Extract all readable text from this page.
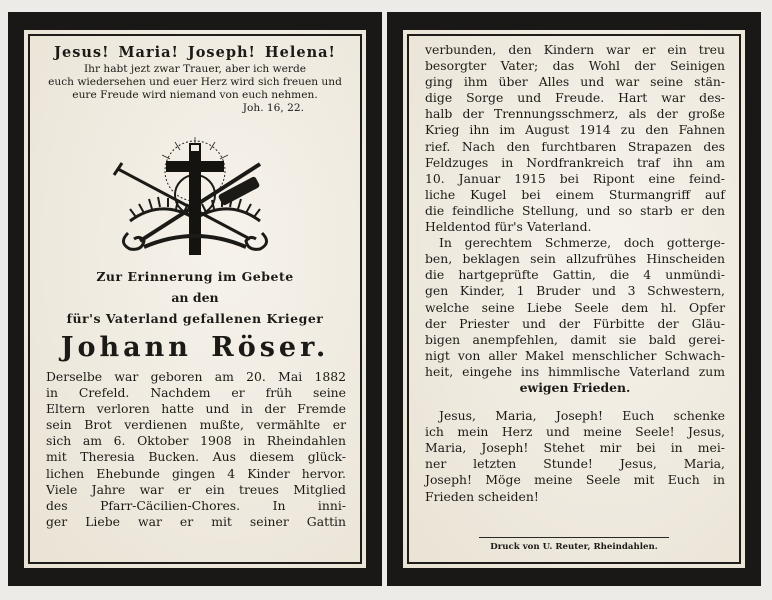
Jesus! Maria! Joseph! Helena!
Ihr habt jezt zwar Trauer, aber ich werde
euch wiedersehen und euer Herz wird sich freuen und
eure Freude wird niemand von euch nehmen.
Joh. 16, 22.
Zur Erinnerung im Gebete
an den
für's Vaterland gefallenen Krieger
Johann Röser.
Derselbe war geboren am 20. Mai 1882
in Crefeld. Nachdem er früh seine
Eltern verloren hatte und in der Fremde
sein Brot verdienen mußte, vermählte er
sich am 6. Oktober 1908 in Rheindahlen
mit Theresia Bucken. Aus diesem glück-
lichen Ehebunde gingen 4 Kinder hervor.
Viele Jahre war er ein treues Mitglied
des Pfarr-Cäcilien-Chores. In inni-
ger Liebe war er mit seiner Gattin
verbunden, den Kindern war er ein treu
besorgter Vater; das Wohl der Seinigen
ging ihm über Alles und war seine stän-
dige Sorge und Freude. Hart war des-
halb der Trennungsschmerz, als der große
Krieg ihn im August 1914 zu den Fahnen
rief. Nach den furchtbaren Strapazen des
Feldzuges in Nordfrankreich traf ihn am
10. Januar 1915 bei Ripont eine feind-
liche Kugel bei einem Sturmangriff auf
die feindliche Stellung, und so starb er den
Heldentod für's Vaterland.
In gerechtem Schmerze, doch gotterge-
ben, beklagen sein allzufrühes Hinscheiden
die hartgeprüfte Gattin, die 4 unmündi-
gen Kinder, 1 Bruder und 3 Schwestern,
welche seine Liebe Seele dem hl. Opfer
der Priester und der Fürbitte der Gläu-
bigen anempfehlen, damit sie bald gerei-
nigt von aller Makel menschlicher Schwach-
heit, eingehe ins himmlische Vaterland zum
ewigen Frieden.
Jesus, Maria, Joseph! Euch schenke
ich mein Herz und meine Seele! Jesus,
Maria, Joseph! Stehet mir bei in mei-
ner letzten Stunde! Jesus, Maria,
Joseph! Möge meine Seele mit Euch in
Frieden scheiden!
Druck von U. Reuter, Rheindahlen.
